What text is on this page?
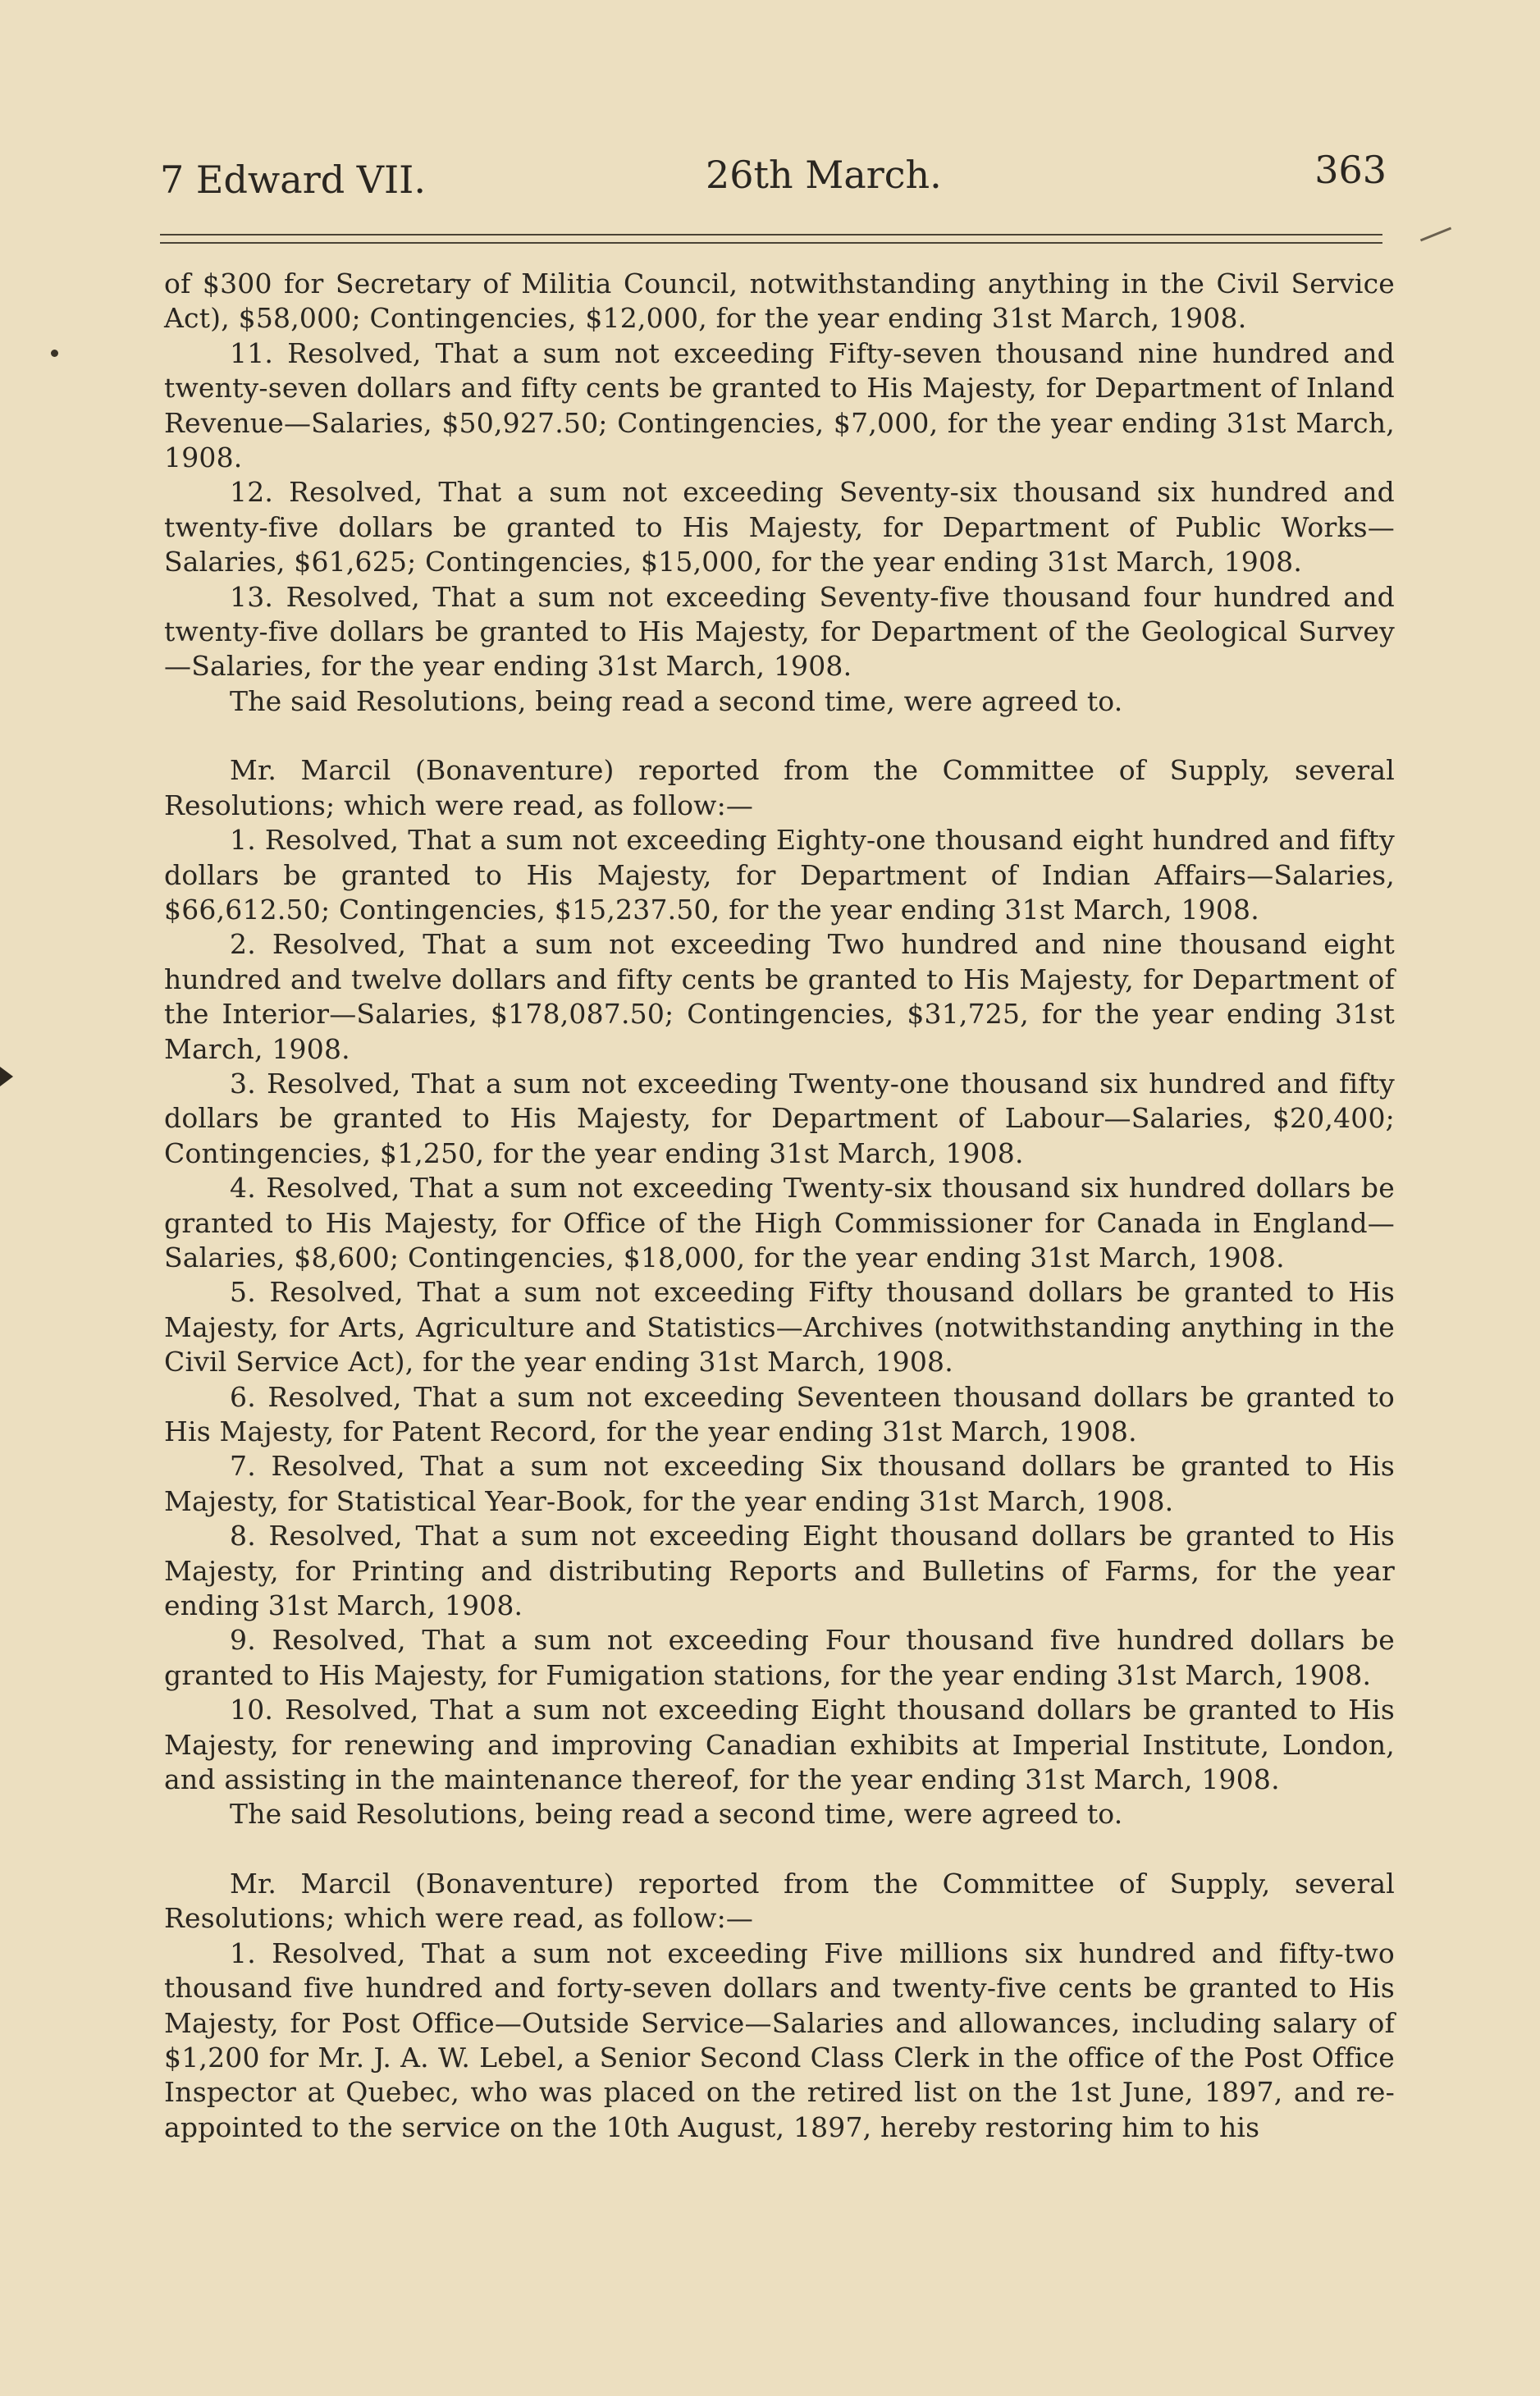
7 Edward VII.	26th March.	363

of $300 for Secretary of Militia Council, notwithstanding anything in the Civil Service Act), $58,000; Contingencies, $12,000, for the year ending 31st March, 1908.

11. Resolved, That a sum not exceeding Fifty-seven thousand nine hundred and twenty-seven dollars and fifty cents be granted to His Majesty, for Department of Inland Revenue—Salaries, $50,927.50; Contingencies, $7,000, for the year ending 31st March, 1908.

12. Resolved, That a sum not exceeding Seventy-six thousand six hundred and twenty-five dollars be granted to His Majesty, for Department of Public Works—Salaries, $61,625; Contingencies, $15,000, for the year ending 31st March, 1908.

13. Resolved, That a sum not exceeding Seventy-five thousand four hundred and twenty-five dollars be granted to His Majesty, for Department of the Geological Survey—Salaries, for the year ending 31st March, 1908.

The said Resolutions, being read a second time, were agreed to.

Mr. Marcil (Bonaventure) reported from the Committee of Supply, several Resolutions; which were read, as follow:—

1. Resolved, That a sum not exceeding Eighty-one thousand eight hundred and fifty dollars be granted to His Majesty, for Department of Indian Affairs—Salaries, $66,612.50; Contingencies, $15,237.50, for the year ending 31st March, 1908.

2. Resolved, That a sum not exceeding Two hundred and nine thousand eight hundred and twelve dollars and fifty cents be granted to His Majesty, for Department of the Interior—Salaries, $178,087.50; Contingencies, $31,725, for the year ending 31st March, 1908.

3. Resolved, That a sum not exceeding Twenty-one thousand six hundred and fifty dollars be granted to His Majesty, for Department of Labour—Salaries, $20,400; Contingencies, $1,250, for the year ending 31st March, 1908.

4. Resolved, That a sum not exceeding Twenty-six thousand six hundred dollars be granted to His Majesty, for Office of the High Commissioner for Canada in England—Salaries, $8,600; Contingencies, $18,000, for the year ending 31st March, 1908.

5. Resolved, That a sum not exceeding Fifty thousand dollars be granted to His Majesty, for Arts, Agriculture and Statistics—Archives (notwithstanding anything in the Civil Service Act), for the year ending 31st March, 1908.

6. Resolved, That a sum not exceeding Seventeen thousand dollars be granted to His Majesty, for Patent Record, for the year ending 31st March, 1908.

7. Resolved, That a sum not exceeding Six thousand dollars be granted to His Majesty, for Statistical Year-Book, for the year ending 31st March, 1908.

8. Resolved, That a sum not exceeding Eight thousand dollars be granted to His Majesty, for Printing and distributing Reports and Bulletins of Farms, for the year ending 31st March, 1908.

9. Resolved, That a sum not exceeding Four thousand five hundred dollars be granted to His Majesty, for Fumigation stations, for the year ending 31st March, 1908.

10. Resolved, That a sum not exceeding Eight thousand dollars be granted to His Majesty, for renewing and improving Canadian exhibits at Imperial Institute, London, and assisting in the maintenance thereof, for the year ending 31st March, 1908.

The said Resolutions, being read a second time, were agreed to.

Mr. Marcil (Bonaventure) reported from the Committee of Supply, several Resolutions; which were read, as follow:—

1. Resolved, That a sum not exceeding Five millions six hundred and fifty-two thousand five hundred and forty-seven dollars and twenty-five cents be granted to His Majesty, for Post Office—Outside Service—Salaries and allowances, including salary of $1,200 for Mr. J. A. W. Lebel, a Senior Second Class Clerk in the office of the Post Office Inspector at Quebec, who was placed on the retired list on the 1st June, 1897, and re-appointed to the service on the 10th August, 1897, hereby restoring him to his
